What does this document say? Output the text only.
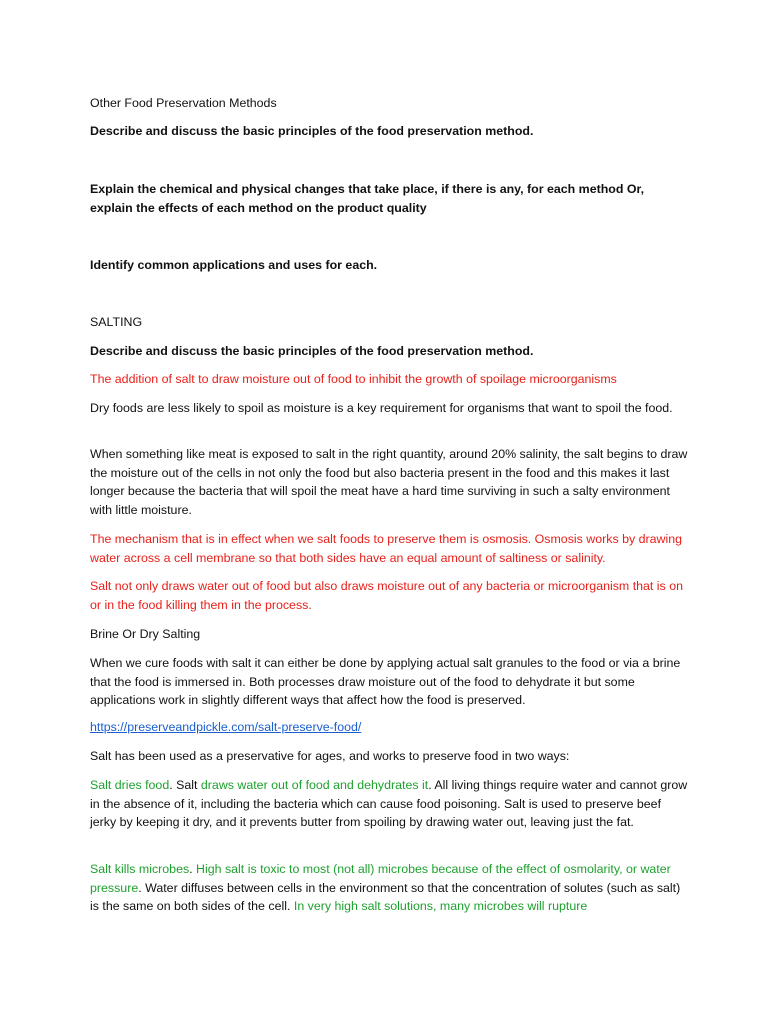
Other Food Preservation Methods

Describe and discuss the basic principles of the food preservation method.

Explain the chemical and physical changes that take place, if there is any, for each method Or, explain the effects of each method on the product quality

Identify common applications and uses for each.

SALTING

Describe and discuss the basic principles of the food preservation method.

The addition of salt to draw moisture out of food to inhibit the growth of spoilage microorganisms

Dry foods are less likely to spoil as moisture is a key requirement for organisms that want to spoil the food.

When something like meat is exposed to salt in the right quantity, around 20% salinity, the salt begins to draw the moisture out of the cells in not only the food but also bacteria present in the food and this makes it last longer because the bacteria that will spoil the meat have a hard time surviving in such a salty environment with little moisture.

The mechanism that is in effect when we salt foods to preserve them is osmosis. Osmosis works by drawing water across a cell membrane so that both sides have an equal amount of saltiness or salinity.

Salt not only draws water out of food but also draws moisture out of any bacteria or microorganism that is on or in the food killing them in the process.

Brine Or Dry Salting

When we cure foods with salt it can either be done by applying actual salt granules to the food or via a brine that the food is immersed in. Both processes draw moisture out of the food to dehydrate it but some applications work in slightly different ways that affect how the food is preserved.

https://preserveandpickle.com/salt-preserve-food/

Salt has been used as a preservative for ages, and works to preserve food in two ways:

Salt dries food. Salt draws water out of food and dehydrates it. All living things require water and cannot grow in the absence of it, including the bacteria which can cause food poisoning. Salt is used to preserve beef jerky by keeping it dry, and it prevents butter from spoiling by drawing water out, leaving just the fat.

Salt kills microbes. High salt is toxic to most (not all) microbes because of the effect of osmolarity, or water pressure. Water diffuses between cells in the environment so that the concentration of solutes (such as salt) is the same on both sides of the cell. In very high salt solutions, many microbes will rupture
